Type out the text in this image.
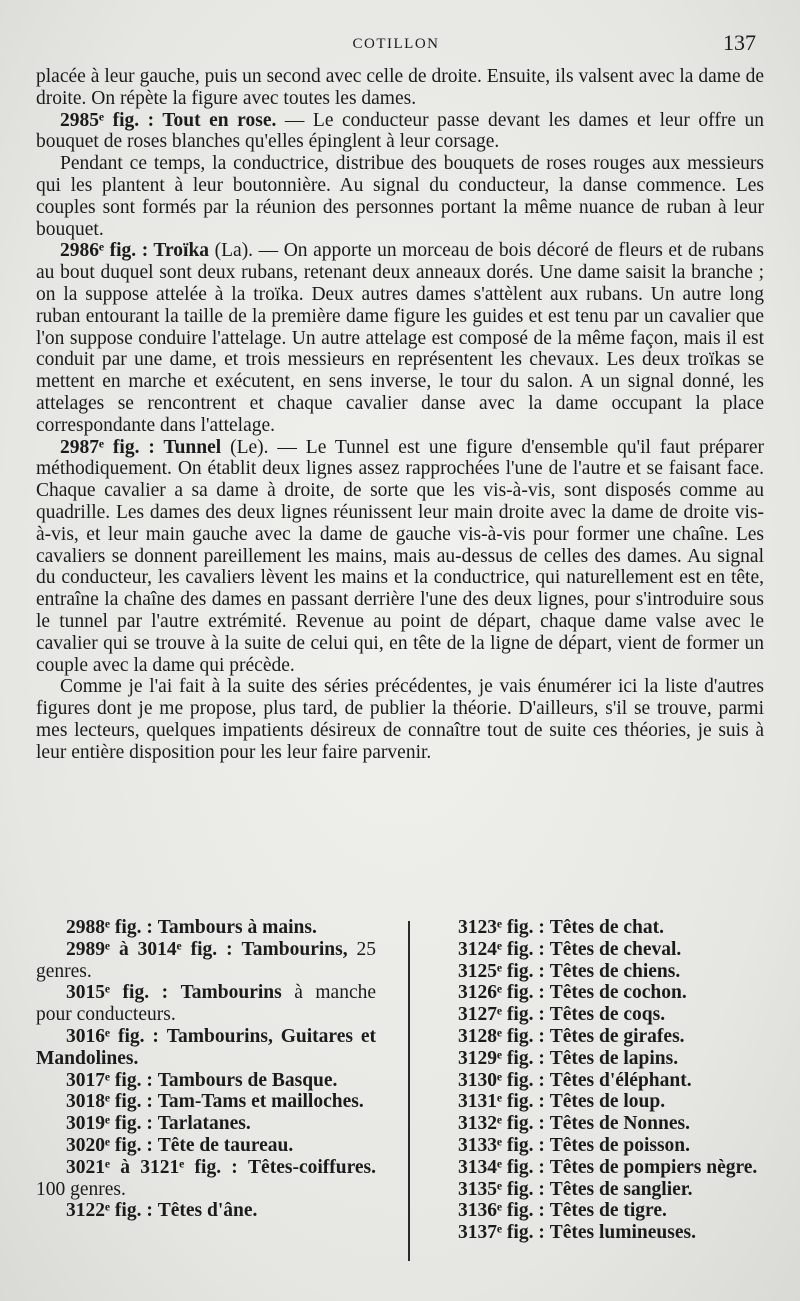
COTILLON	137

placée à leur gauche, puis un second avec celle de droite. Ensuite, ils valsent avec la dame de droite. On répète la figure avec toutes les dames.

2985ᵉ fig. : Tout en rose. — Le conducteur passe devant les dames et leur offre un bouquet de roses blanches qu'elles épinglent à leur corsage.

Pendant ce temps, la conductrice, distribue des bouquets de roses rouges aux messieurs qui les plantent à leur boutonnière. Au signal du conducteur, la danse commence. Les couples sont formés par la réunion des personnes portant la même nuance de ruban à leur bouquet.

2986ᵉ fig. : Troïka (La). — On apporte un morceau de bois décoré de fleurs et de rubans au bout duquel sont deux rubans, retenant deux anneaux dorés. Une dame saisit la branche ; on la suppose attelée à la troïka. Deux autres dames s'attèlent aux rubans. Un autre long ruban entourant la taille de la première dame figure les guides et est tenu par un cavalier que l'on suppose conduire l'attelage. Un autre attelage est composé de la même façon, mais il est conduit par une dame, et trois messieurs en représentent les chevaux. Les deux troïkas se mettent en marche et exécutent, en sens inverse, le tour du salon. A un signal donné, les attelages se rencontrent et chaque cavalier danse avec la dame occupant la place correspondante dans l'attelage.

2987ᵉ fig. : Tunnel (Le). — Le Tunnel est une figure d'ensemble qu'il faut préparer méthodiquement. On établit deux lignes assez rapprochées l'une de l'autre et se faisant face. Chaque cavalier a sa dame à droite, de sorte que les vis-à-vis, sont disposés comme au quadrille. Les dames des deux lignes réunissent leur main droite avec la dame de droite vis-à-vis, et leur main gauche avec la dame de gauche vis-à-vis pour former une chaîne. Les cavaliers se donnent pareillement les mains, mais au-dessus de celles des dames. Au signal du conducteur, les cavaliers lèvent les mains et la conductrice, qui naturellement est en tête, entraîne la chaîne des dames en passant derrière l'une des deux lignes, pour s'introduire sous le tunnel par l'autre extrémité. Revenue au point de départ, chaque dame valse avec le cavalier qui se trouve à la suite de celui qui, en tête de la ligne de départ, vient de former un couple avec la dame qui précède.

Comme je l'ai fait à la suite des séries précédentes, je vais énumérer ici la liste d'autres figures dont je me propose, plus tard, de publier la théorie. D'ailleurs, s'il se trouve, parmi mes lecteurs, quelques impatients désireux de connaître tout de suite ces théories, je suis à leur entière disposition pour les leur faire parvenir.

2988ᵉ fig. : Tambours à mains.
2989ᵉ à 3014ᵉ fig. : Tambourins, 25 genres.
3015ᵉ fig. : Tambourins à manche pour conducteurs.
3016ᵉ fig. : Tambourins, Guitares et Mandolines.
3017ᵉ fig. : Tambours de Basque.
3018ᵉ fig. : Tam-Tams et mailloches.
3019ᵉ fig. : Tarlatanes.
3020ᵉ fig. : Tête de taureau.
3021ᵉ à 3121ᵉ fig. : Têtes-coiffures. 100 genres.
3122ᵉ fig. : Têtes d'âne.
3123ᵉ fig. : Têtes de chat.
3124ᵉ fig. : Têtes de cheval.
3125ᵉ fig. : Têtes de chiens.
3126ᵉ fig. : Têtes de cochon.
3127ᵉ fig. : Têtes de coqs.
3128ᵉ fig. : Têtes de girafes.
3129ᵉ fig. : Têtes de lapins.
3130ᵉ fig. : Têtes d'éléphant.
3131ᵉ fig. : Têtes de loup.
3132ᵉ fig. : Têtes de Nonnes.
3133ᵉ fig. : Têtes de poisson.
3134ᵉ fig. : Têtes de pompiers nègre.
3135ᵉ fig. : Têtes de sanglier.
3136ᵉ fig. : Têtes de tigre.
3137ᵉ fig. : Têtes lumineuses.
